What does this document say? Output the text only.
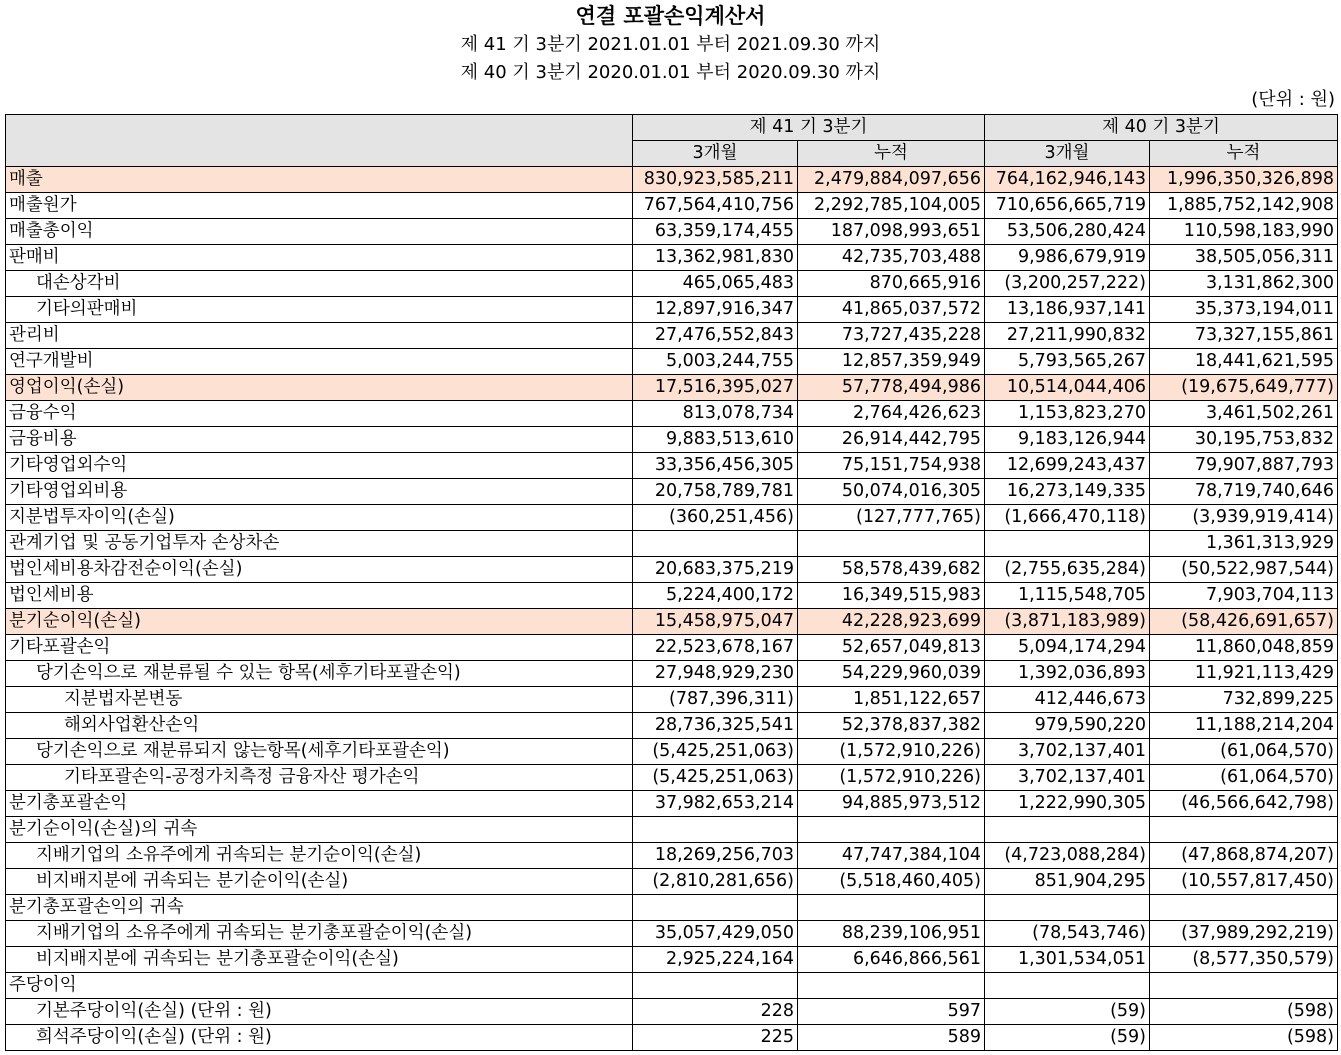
연결 포괄손익계산서
제 41 기 3분기 2021.01.01 부터 2021.09.30 까지
제 40 기 3분기 2020.01.01 부터 2020.09.30 까지
(단위 : 원)
	제 41 기 3분기		제 40 기 3분기	
	3개월	누적	3개월	누적
매출	830,923,585,211	2,479,884,097,656	764,162,946,143	1,996,350,326,898
매출원가	767,564,410,756	2,292,785,104,005	710,656,665,719	1,885,752,142,908
매출총이익	63,359,174,455	187,098,993,651	53,506,280,424	110,598,183,990
판매비	13,362,981,830	42,735,703,488	9,986,679,919	38,505,056,311
대손상각비	465,065,483	870,665,916	(3,200,257,222)	3,131,862,300
기타의판매비	12,897,916,347	41,865,037,572	13,186,937,141	35,373,194,011
관리비	27,476,552,843	73,727,435,228	27,211,990,832	73,327,155,861
연구개발비	5,003,244,755	12,857,359,949	5,793,565,267	18,441,621,595
영업이익(손실)	17,516,395,027	57,778,494,986	10,514,044,406	(19,675,649,777)
금융수익	813,078,734	2,764,426,623	1,153,823,270	3,461,502,261
금융비용	9,883,513,610	26,914,442,795	9,183,126,944	30,195,753,832
기타영업외수익	33,356,456,305	75,151,754,938	12,699,243,437	79,907,887,793
기타영업외비용	20,758,789,781	50,074,016,305	16,273,149,335	78,719,740,646
지분법투자이익(손실)	(360,251,456)	(127,777,765)	(1,666,470,118)	(3,939,919,414)
관계기업 및 공동기업투자 손상차손				1,361,313,929
법인세비용차감전순이익(손실)	20,683,375,219	58,578,439,682	(2,755,635,284)	(50,522,987,544)
법인세비용	5,224,400,172	16,349,515,983	1,115,548,705	7,903,704,113
분기순이익(손실)	15,458,975,047	42,228,923,699	(3,871,183,989)	(58,426,691,657)
기타포괄손익	22,523,678,167	52,657,049,813	5,094,174,294	11,860,048,859
당기손익으로 재분류될 수 있는 항목(세후기타포괄손익)	27,948,929,230	54,229,960,039	1,392,036,893	11,921,113,429
지분법자본변동	(787,396,311)	1,851,122,657	412,446,673	732,899,225
해외사업환산손익	28,736,325,541	52,378,837,382	979,590,220	11,188,214,204
당기손익으로 재분류되지 않는항목(세후기타포괄손익)	(5,425,251,063)	(1,572,910,226)	3,702,137,401	(61,064,570)
기타포괄손익-공정가치측정 금융자산 평가손익	(5,425,251,063)	(1,572,910,226)	3,702,137,401	(61,064,570)
분기총포괄손익	37,982,653,214	94,885,973,512	1,222,990,305	(46,566,642,798)
분기순이익(손실)의 귀속				
지배기업의 소유주에게 귀속되는 분기순이익(손실)	18,269,256,703	47,747,384,104	(4,723,088,284)	(47,868,874,207)
비지배지분에 귀속되는 분기순이익(손실)	(2,810,281,656)	(5,518,460,405)	851,904,295	(10,557,817,450)
분기총포괄손익의 귀속				
지배기업의 소유주에게 귀속되는 분기총포괄순이익(손실)	35,057,429,050	88,239,106,951	(78,543,746)	(37,989,292,219)
비지배지분에 귀속되는 분기총포괄순이익(손실)	2,925,224,164	6,646,866,561	1,301,534,051	(8,577,350,579)
주당이익				
기본주당이익(손실) (단위 : 원)	228	597	(59)	(598)
희석주당이익(손실) (단위 : 원)	225	589	(59)	(598)
